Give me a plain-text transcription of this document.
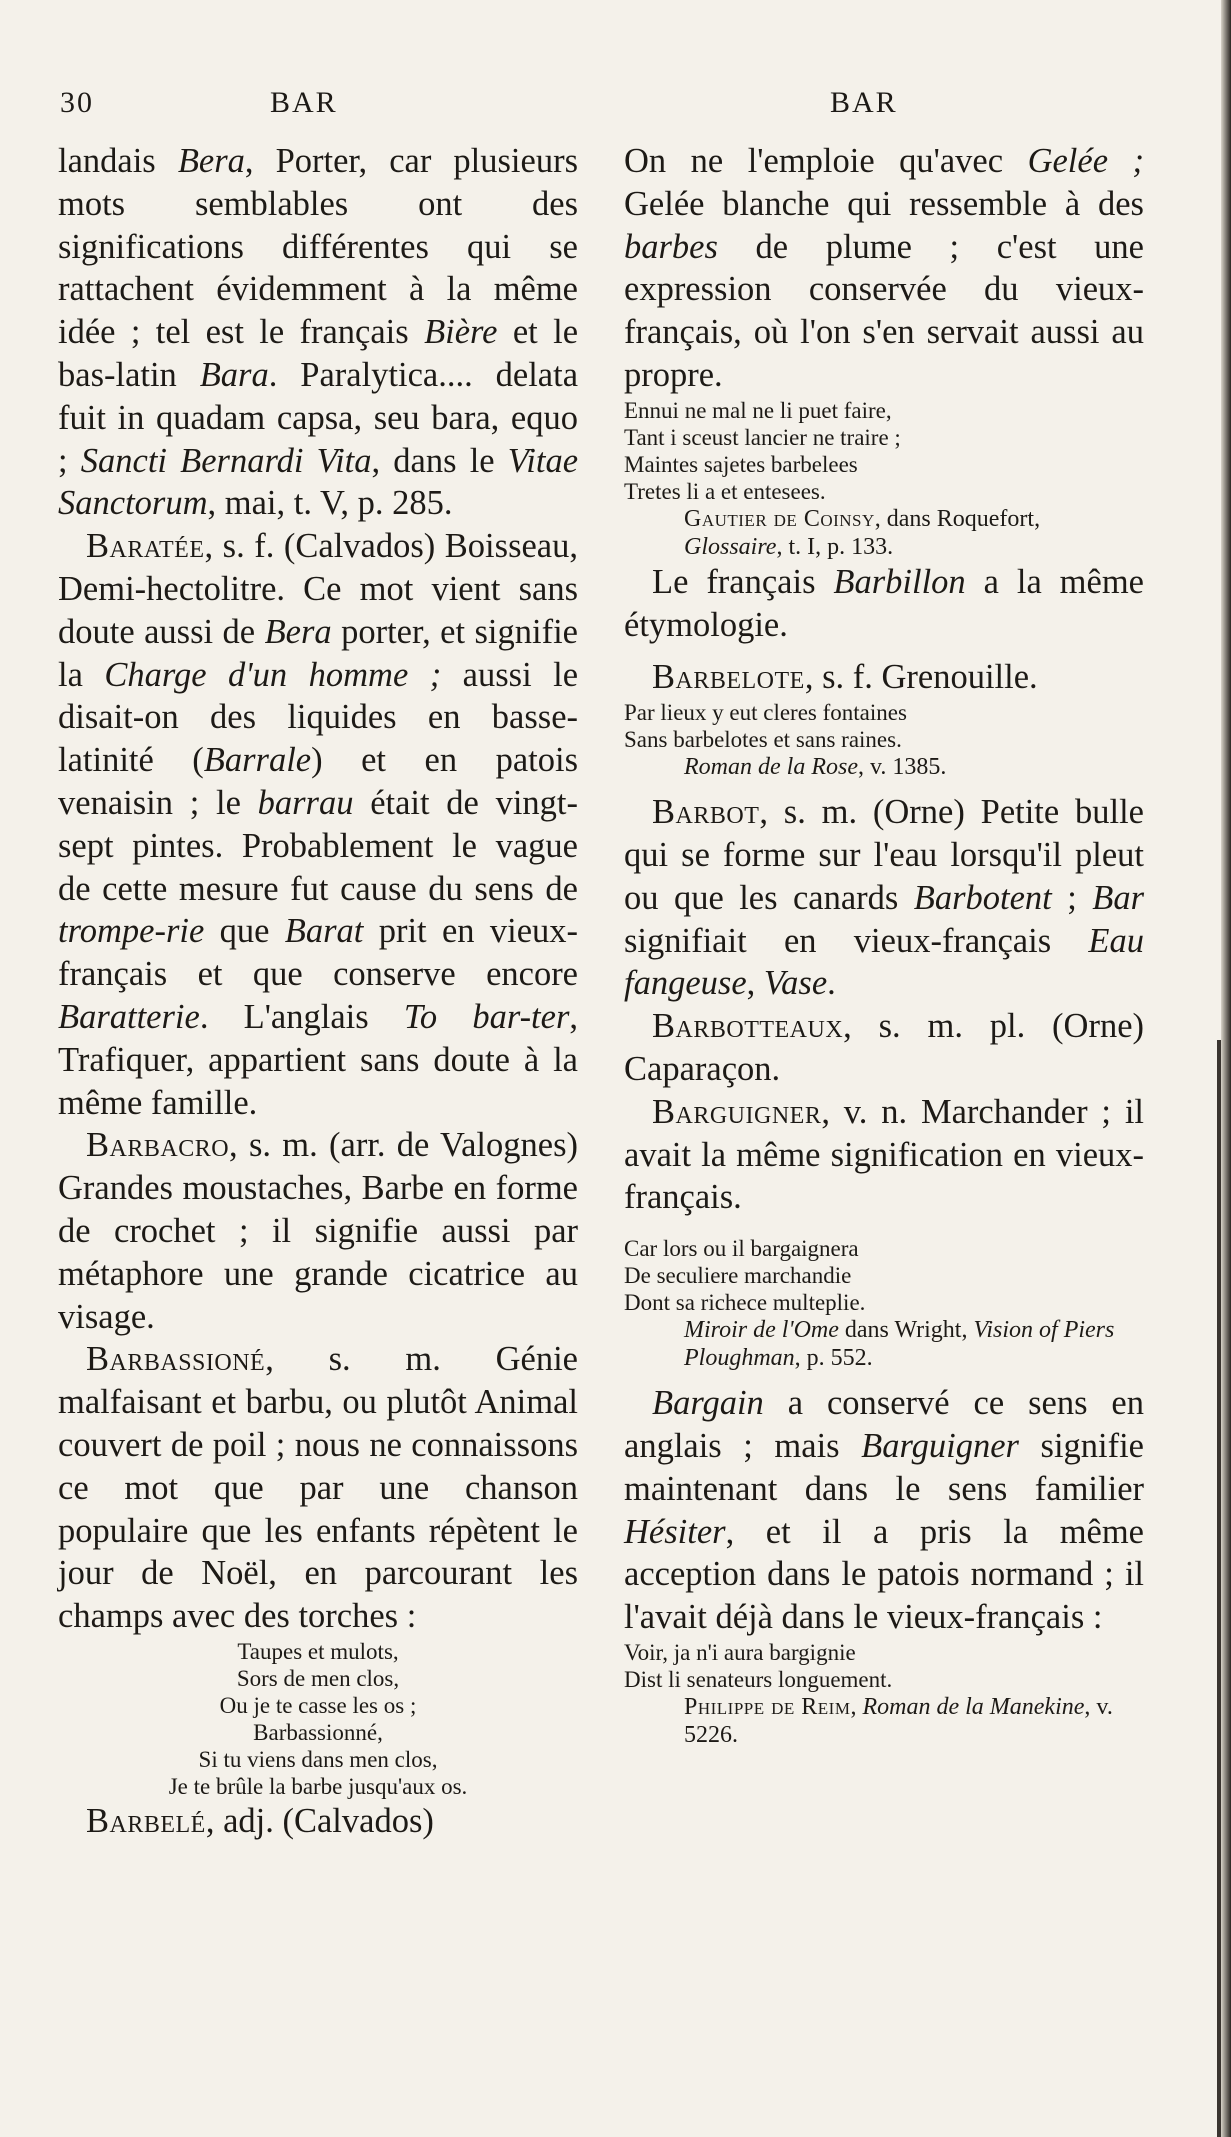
30	BAR	BAR

landais Bera, Porter, car plusieurs mots semblables ont des significations différentes qui se rattachent évidemment à la même idée ; tel est le français Bière et le bas-latin Bara. Paralytica.... delata fuit in quadam capsa, seu bara, equo ; Sancti Bernardi Vita, dans le Vitae Sanctorum, mai, t. V, p. 285.

Baratée, s. f. (Calvados) Boisseau, Demi-hectolitre. Ce mot vient sans doute aussi de Bera porter, et signifie la Charge d'un homme ; aussi le disait-on des liquides en basse-latinité (Barrale) et en patois venaisin ; le barrau était de vingt-sept pintes. Probablement le vague de cette mesure fut cause du sens de trompe-rie que Barat prit en vieux-français et que conserve encore Baratterie. L'anglais To bar-ter, Trafiquer, appartient sans doute à la même famille.

Barbacro, s. m. (arr. de Valognes) Grandes moustaches, Barbe en forme de crochet ; il signifie aussi par métaphore une grande cicatrice au visage.

Barbassioné, s. m. Génie malfaisant et barbu, ou plutôt Animal couvert de poil ; nous ne connaissons ce mot que par une chanson populaire que les enfants répètent le jour de Noël, en parcourant les champs avec des torches :

Taupes et mulots,
Sors de men clos,
Ou je te casse les os ;
Barbassionné,
Si tu viens dans men clos,
Je te brûle la barbe jusqu'aux os.

Barbelé, adj. (Calvados)

On ne l'emploie qu'avec Gelée ; Gelée blanche qui ressemble à des barbes de plume ; c'est une expression conservée du vieux-français, où l'on s'en servait aussi au propre.

Ennui ne mal ne li puet faire,
Tant i sceust lancier ne traire ;
Maintes sajetes barbelees
Tretes li a et entesees.

Gautier de Coinsy, dans Roquefort, Glossaire, t. I, p. 133.

Le français Barbillon a la même étymologie.

Barbelote, s. f. Grenouille.

Par lieux y eut cleres fontaines
Sans barbelotes et sans raines.

Roman de la Rose, v. 1385.

Barbot, s. m. (Orne) Petite bulle qui se forme sur l'eau lorsqu'il pleut ou que les canards Barbotent ; Bar signifiait en vieux-français Eau fangeuse, Vase.

Barbotteaux, s. m. pl. (Orne) Caparaçon.

Barguigner, v. n. Marchander ; il avait la même signification en vieux-français.

Car lors ou il bargaignera
De seculiere marchandie
Dont sa richece multeplie.

Miroir de l'Ome dans Wright, Vision of Piers Ploughman, p. 552.

Bargain a conservé ce sens en anglais ; mais Barguigner signifie maintenant dans le sens familier Hésiter, et il a pris la même acception dans le patois normand ; il l'avait déjà dans le vieux-français :

Voir, ja n'i aura bargignie
Dist li senateurs longuement.

Philippe de Reim, Roman de la Manekine, v. 5226.
